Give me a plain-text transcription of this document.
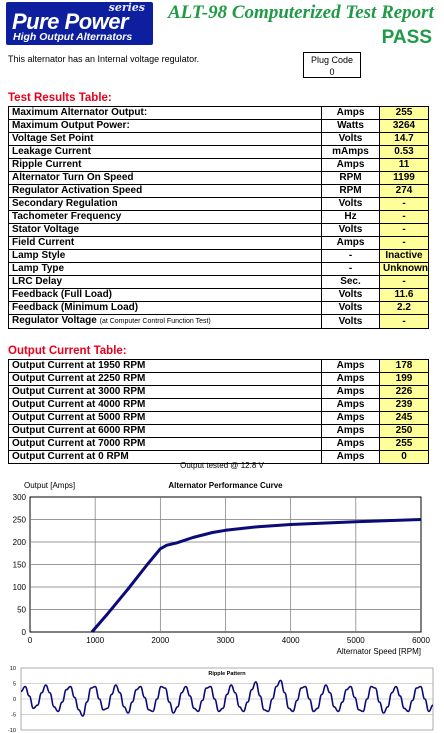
series
Pure Power
High Output Alternators
ALT-98 Computerized Test Report
PASS
This alternator has an Internal voltage regulator.	Plug Code
0
Test Results Table:
Maximum Alternator Output:	Amps	255
Maximum Output Power:	Watts	3264
Voltage Set Point	Volts	14.7
Leakage Current	mAmps	0.53
Ripple Current	Amps	11
Alternator Turn On Speed	RPM	1199
Regulator Activation Speed	RPM	274
Secondary Regulation	Volts	-
Tachometer Frequency	Hz	-
Stator Voltage	Volts	-
Field Current	Amps	-
Lamp Style	-	Inactive
Lamp Type	-	Unknown
LRC Delay	Sec.	-
Feedback (Full Load)	Volts	11.6
Feedback (Minimum Load)	Volts	2.2
Regulator Voltage (at Computer Control Function Test)	Volts	-
Output Current Table:
Output Current at 1950 RPM	Amps	178
Output Current at 2250 RPM	Amps	199
Output Current at 3000 RPM	Amps	226
Output Current at 4000 RPM	Amps	239
Output Current at 5000 RPM	Amps	245
Output Current at 6000 RPM	Amps	250
Output Current at 7000 RPM	Amps	255
Output Current at 0 RPM	Amps	0
Output tested @ 12.8 V
0
50
100
150
200
250
300
0	1000	2000	3000	4000	5000	6000
Output [Amps]	Alternator Performance Curve
Alternator Speed [RPM]
-10
-5
0
5
10
Ripple Pattern
